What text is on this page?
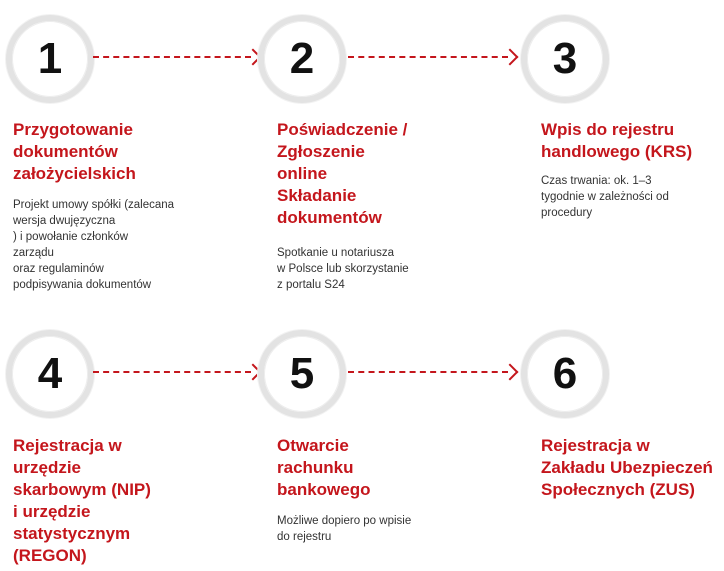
1	2	3

Przygotowanie
dokumentów
założycielskich

Projekt umowy spółki (zalecana
wersja dwujęzyczna
) i powołanie członków
zarządu
oraz regulaminów
podpisywania dokumentów

Poświadczenie /
Zgłoszenie
online
Składanie
dokumentów

Spotkanie u notariusza
w Polsce lub skorzystanie
z portalu S24

Wpis do rejestru
handlowego (KRS)

Czas trwania: ok. 1–3
tygodnie w zależności od
procedury

4	5	6

Rejestracja w
urzędzie
skarbowym (NIP)
i urzędzie
statystycznym
(REGON)

Otwarcie
rachunku
bankowego

Możliwe dopiero po wpisie
do rejestru

Rejestracja w
Zakładu Ubezpieczeń
Społecznych (ZUS)
